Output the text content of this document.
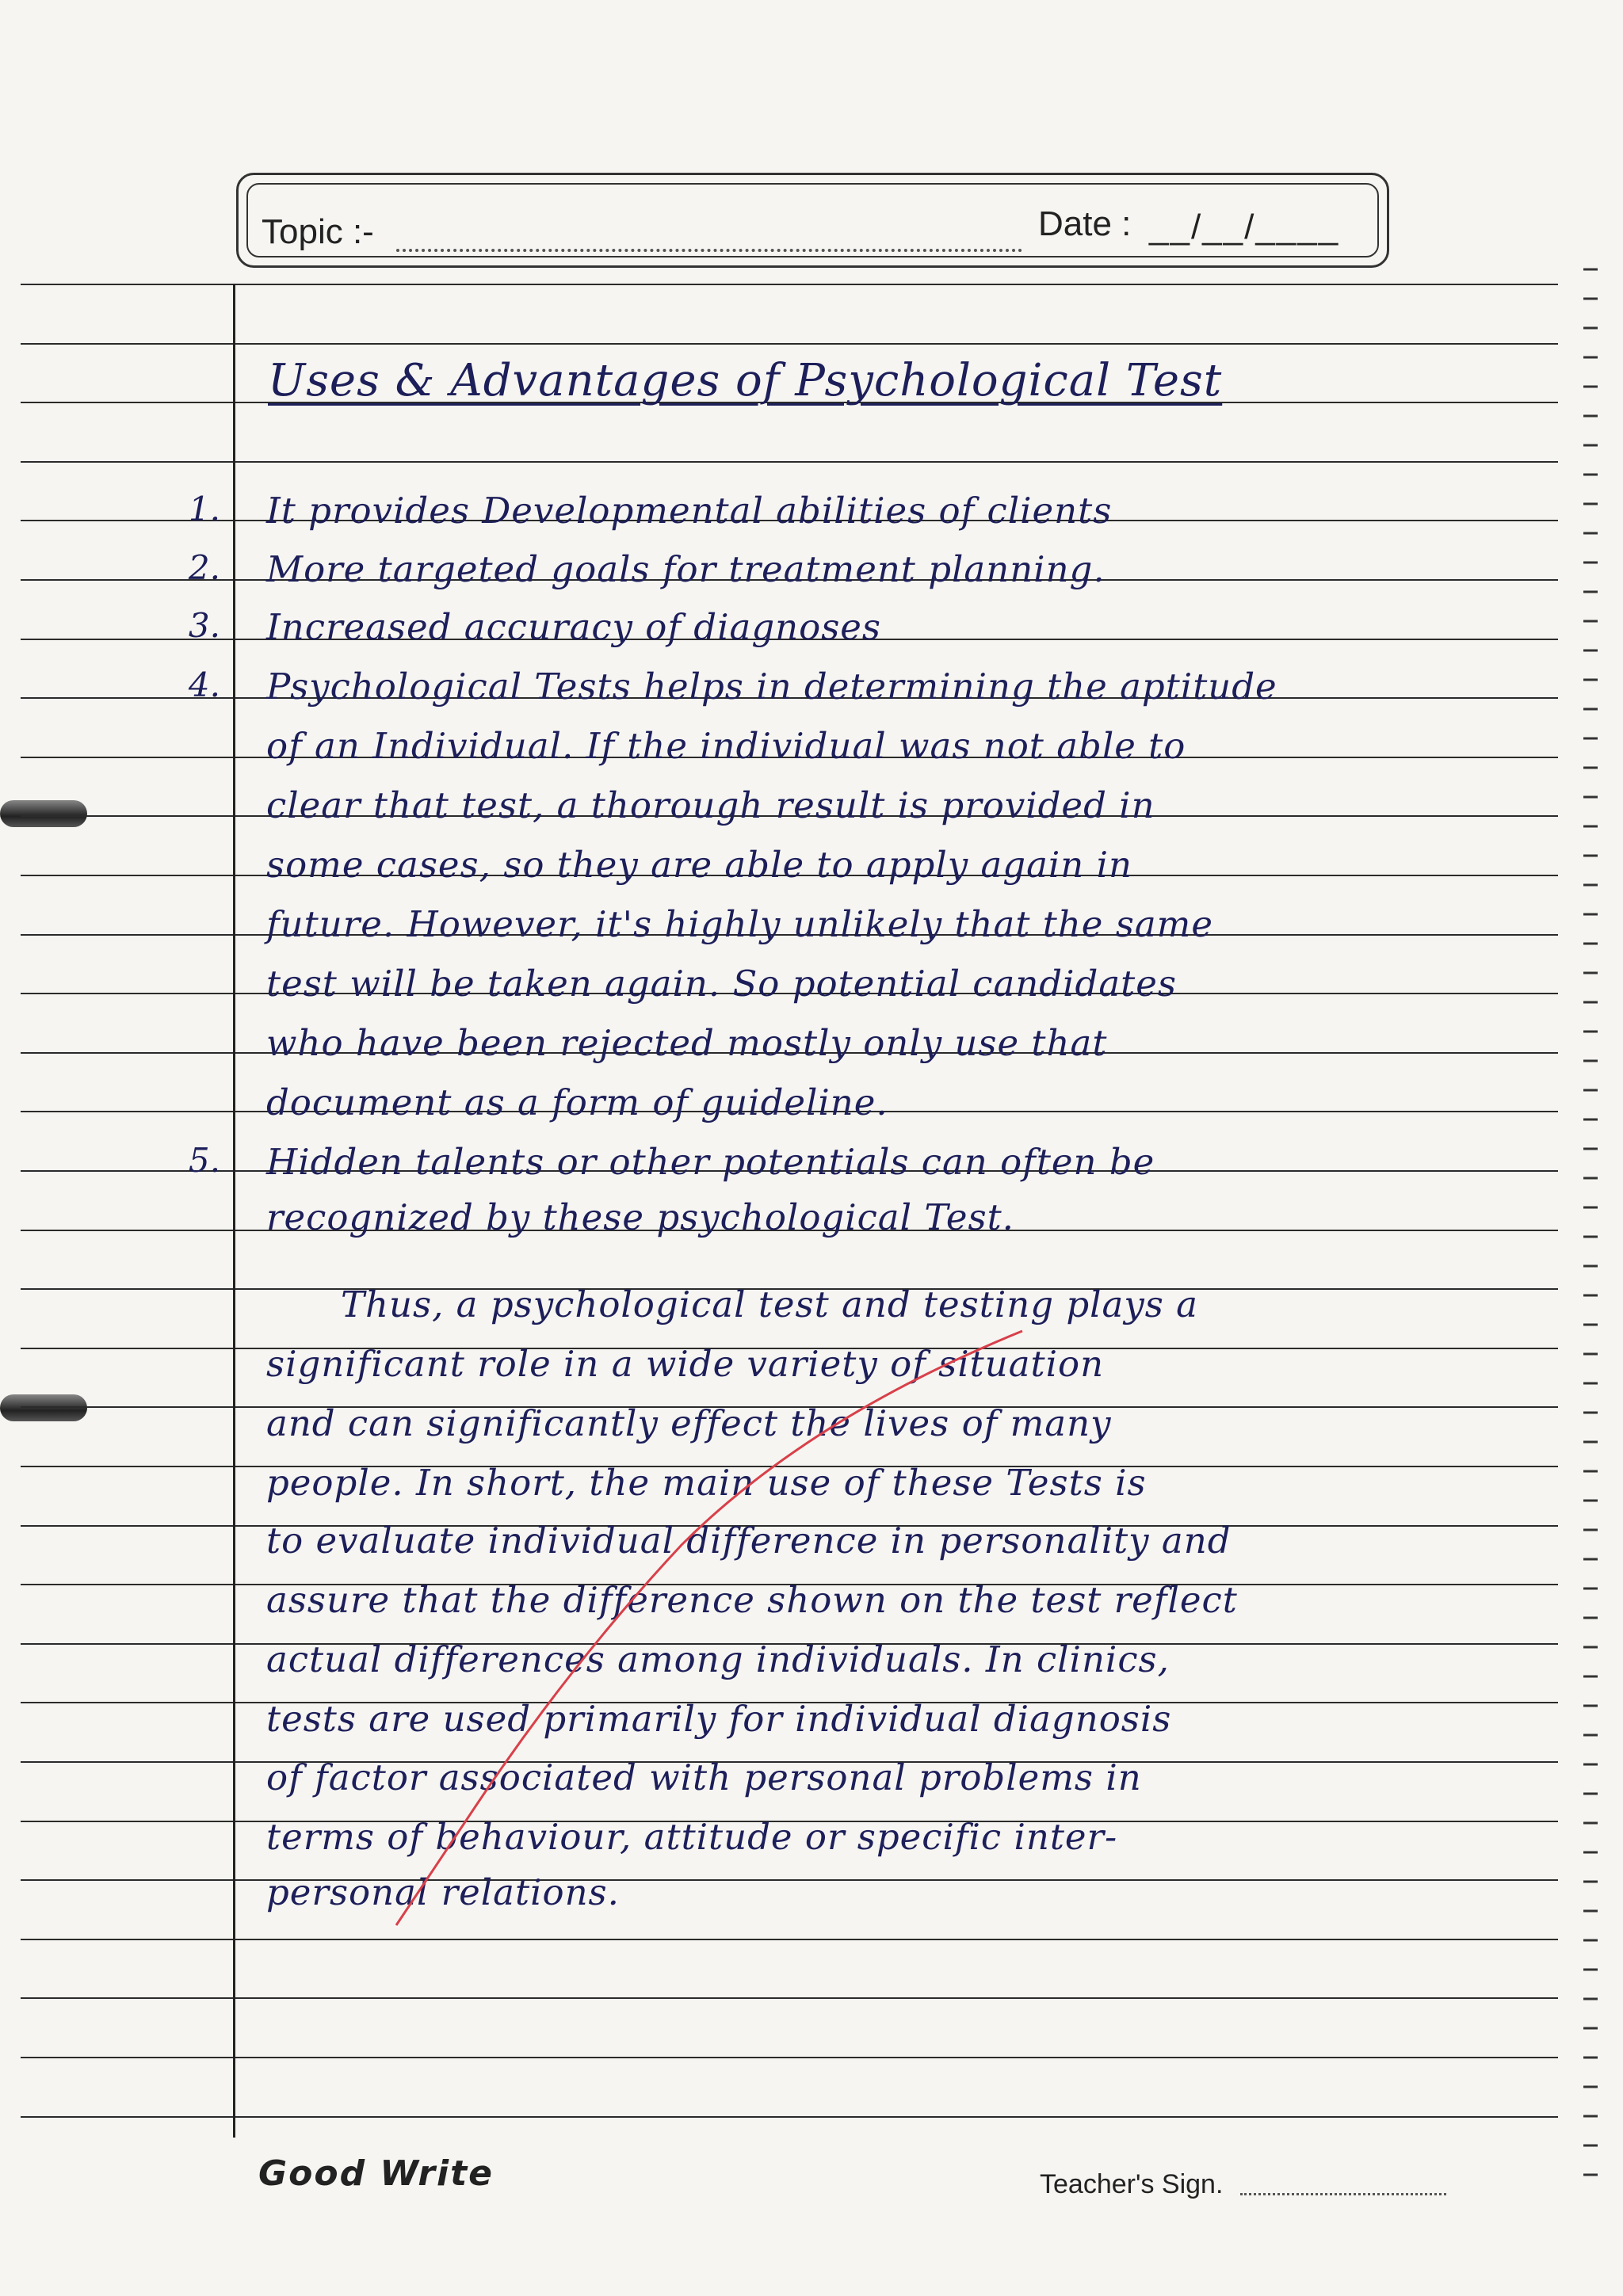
Topic :-	Date : __/__/____
Uses & Advantages of Psychological Test
1. It provides Developmental abilities of clients
2. More targeted goals for treatment planning.
3. Increased accuracy of diagnoses
4. Psychological Tests helps in determining the aptitude
of an Individual. If the individual was not able to
clear that test, a thorough result is provided in
some cases, so they are able to apply again in
future. However, it's highly unlikely that the same
test will be taken again. So potential candidates
who have been rejected mostly only use that
document as a form of guideline.
5. Hidden talents or other potentials can often be
recognized by these psychological Test.
Thus, a psychological test and testing plays a
significant role in a wide variety of situation
and can significantly effect the lives of many
people. In short, the main use of these Tests is
to evaluate individual difference in personality and
assure that the difference shown on the test reflect
actual differences among individuals. In clinics,
tests are used primarily for individual diagnosis
of factor associated with personal problems in
terms of behaviour, attitude or specific inter-
personal relations.
Good Write	Teacher's Sign.
